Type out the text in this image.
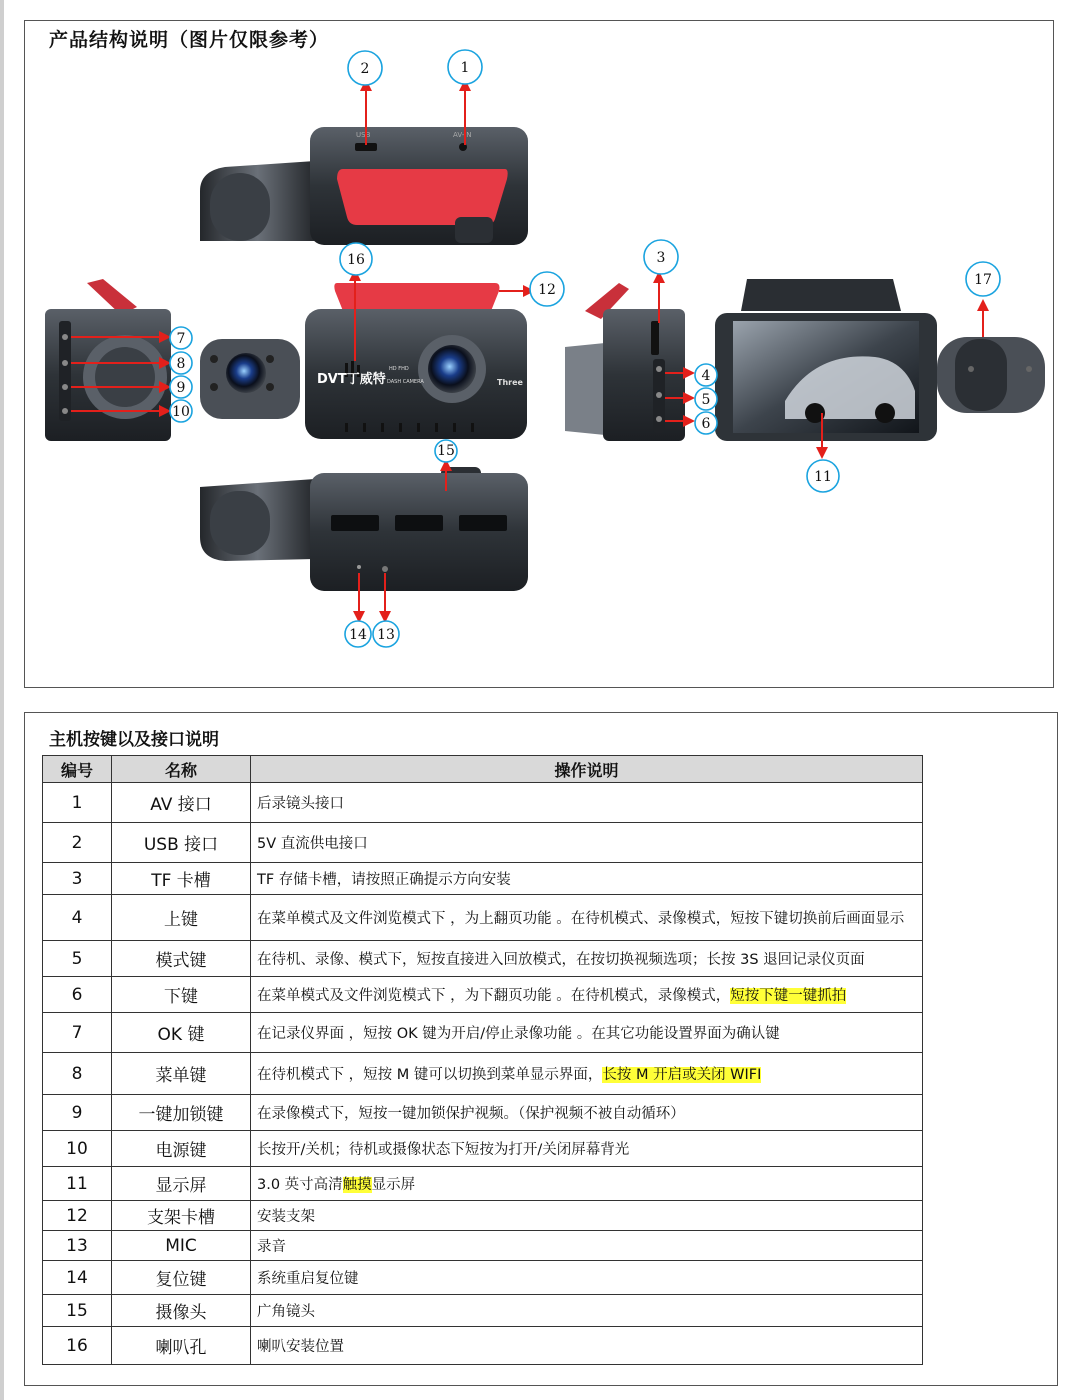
产品结构说明（图片仅限参考）
USB	AV-IN
DVT丁威特
HD FHD
DASH CAMERA	Three
1
2
3
4
5
6
7
8
9
10
11
12
13
14
15
16
17
主机按键以及接口说明
编号	名称	操作说明
1	AV 接口	后录镜头接口
2	USB 接口	5V 直流供电接口
3	TF 卡槽	TF 存储卡槽，请按照正确提示方向安装
4	上键	在菜单模式及文件浏览模式下 ，为上翻页功能 。在待机模式、录像模式，短按下键切换前后画面显示
5	模式键	在待机、录像、模式下，短按直接进入回放模式，在按切换视频选项；长按 3S 退回记录仪页面
6	下键	在菜单模式及文件浏览模式下 ，为下翻页功能 。在待机模式，录像模式，短按下键一键抓拍
7	OK 键	在记录仪界面 ，短按 OK 键为开启/停止录像功能 。在其它功能设置界面为确认键
8	菜单键	在待机模式下 ，短按 M 键可以切换到菜单显示界面，长按 M 开启或关闭 WIFI
9	一键加锁键	在录像模式下，短按一键加锁保护视频。（保护视频不被自动循环）
10	电源键	长按开/关机；待机或摄像状态下短按为打开/关闭屏幕背光
11	显示屏	3.0 英寸高清触摸显示屏
12	支架卡槽	安装支架
13	MIC	录音
14	复位键	系统重启复位键
15	摄像头	广角镜头
16	喇叭孔	喇叭安装位置
